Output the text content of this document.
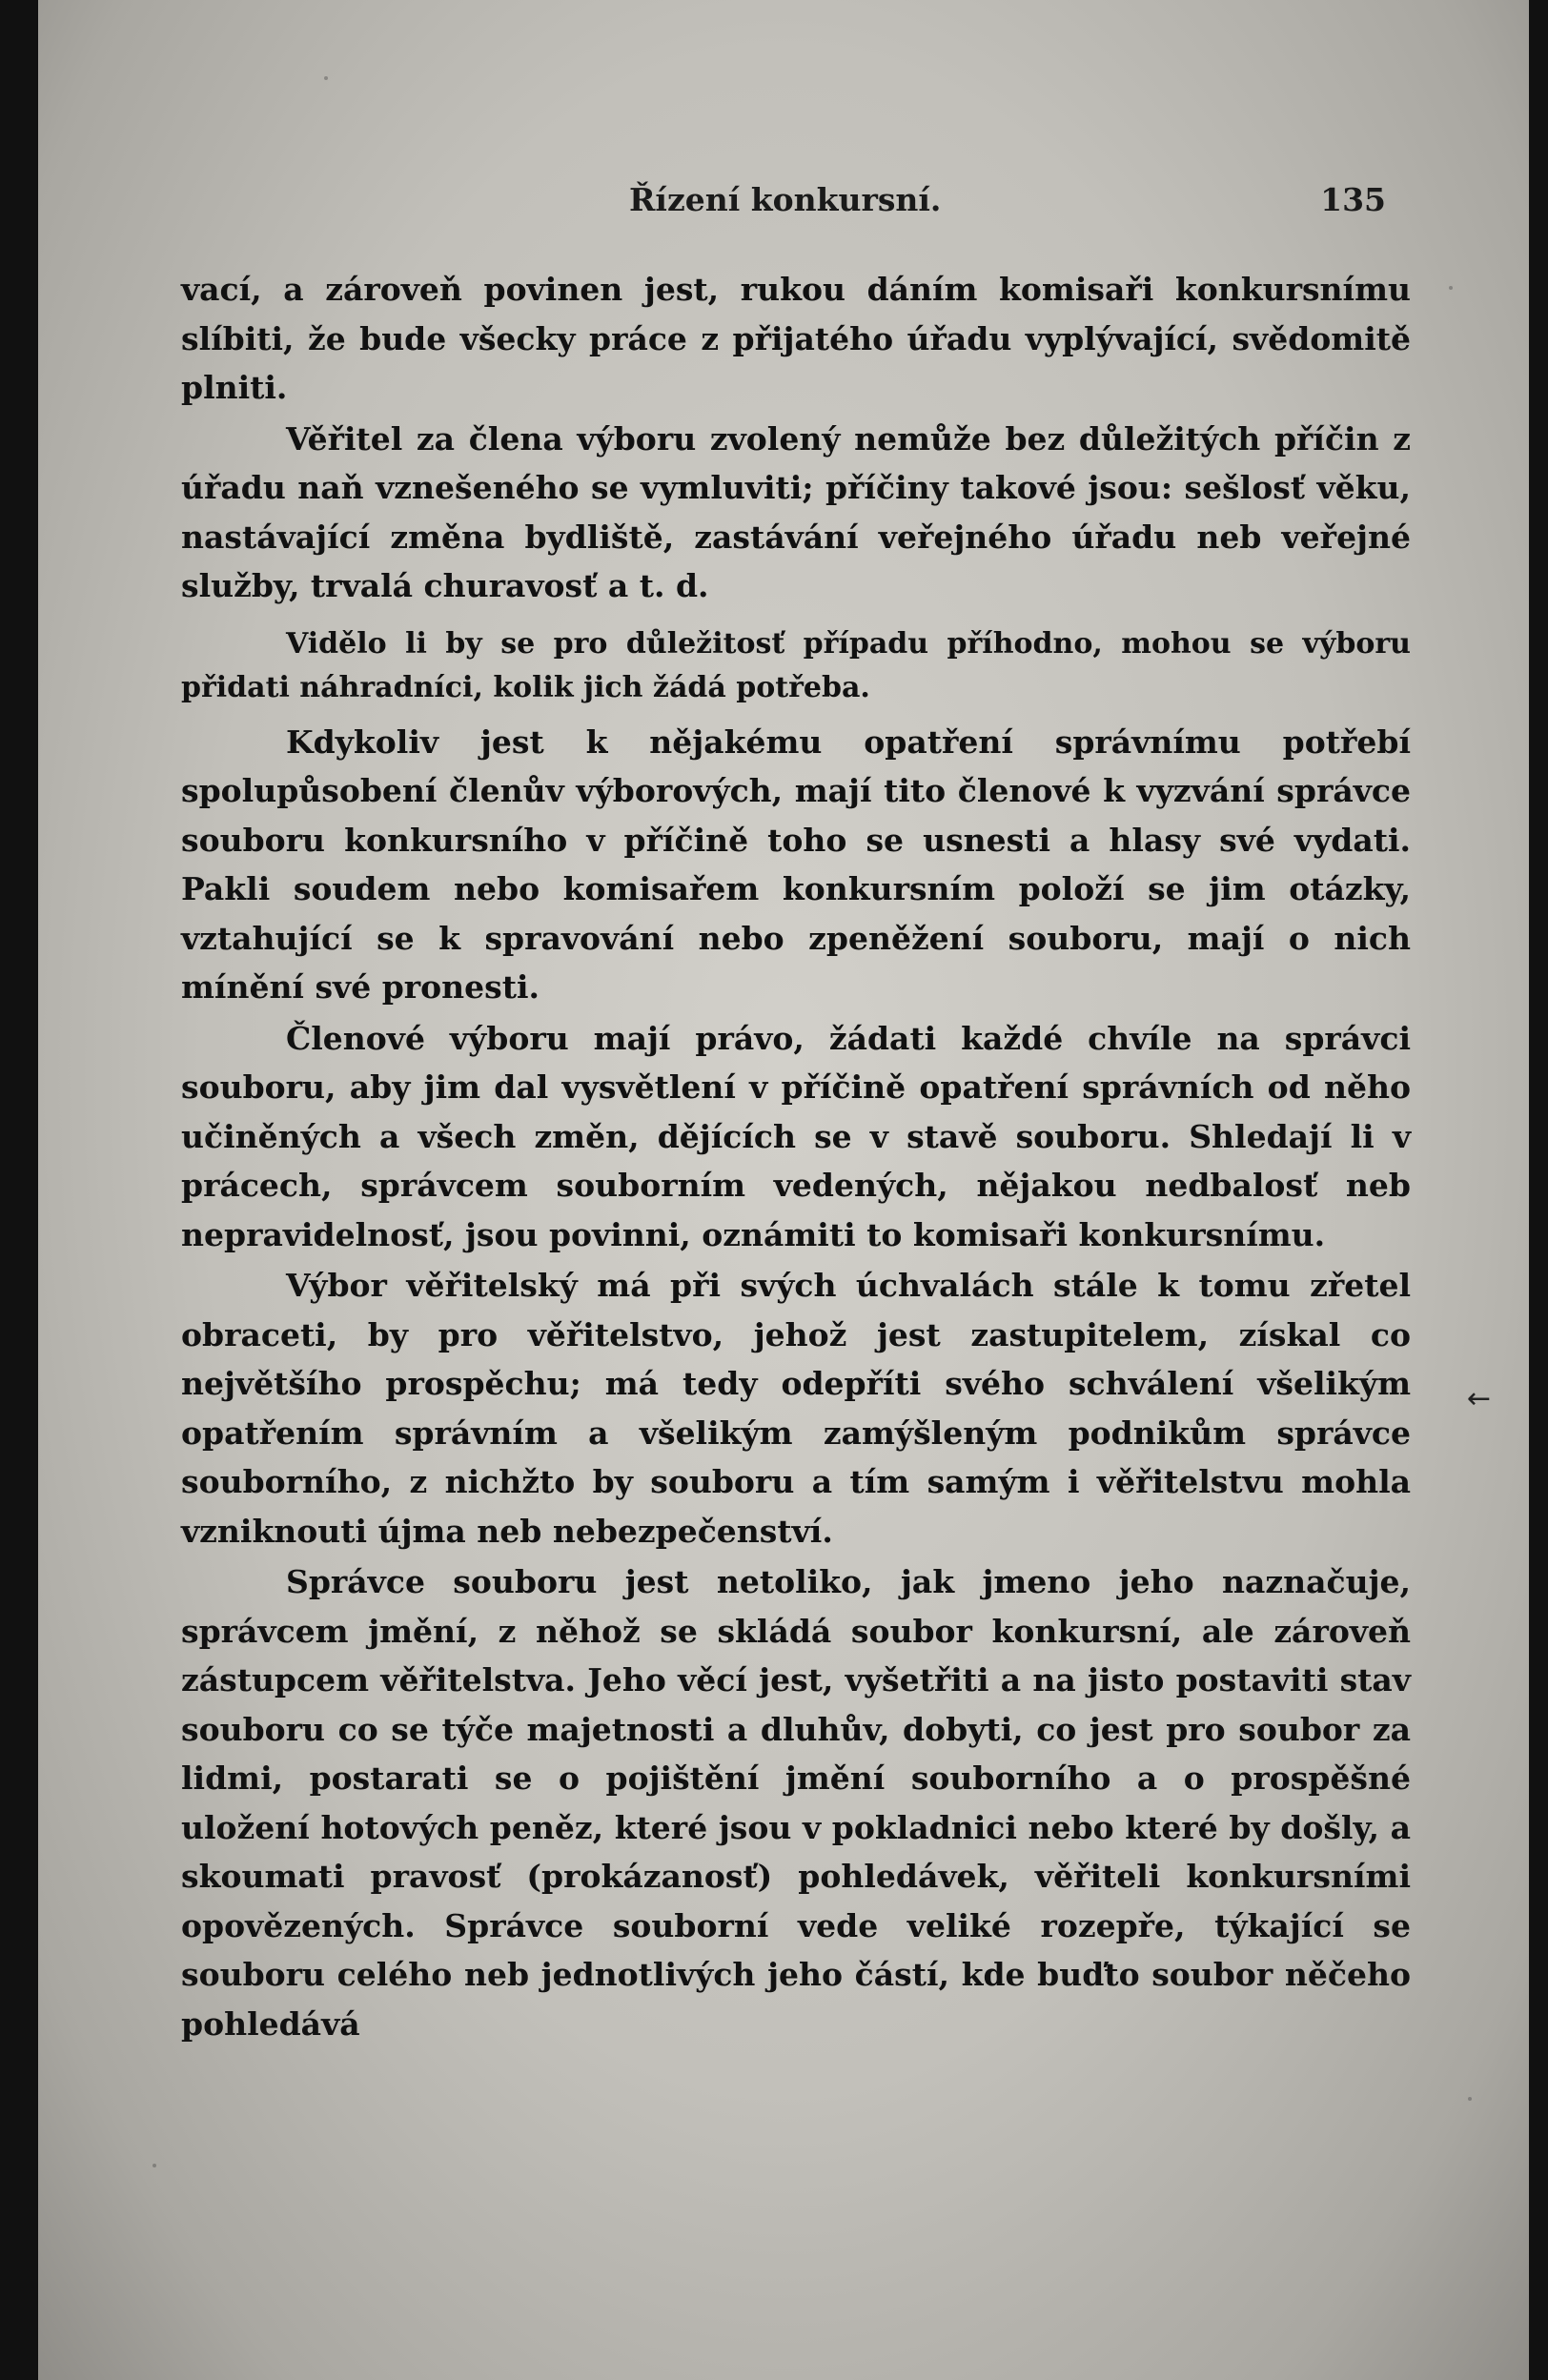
Řízení konkursní.	135

vací, a zároveň povinen jest, rukou dáním komisaři konkursnímu slíbiti, že bude všecky práce z přijatého úřadu vyplývající, svědomitě plniti.

Věřitel za člena výboru zvolený nemůže bez důležitých příčin z úřadu naň vznešeného se vymluviti; příčiny takové jsou: sešlosť věku, nastávající změna bydliště, zastávání veřejného úřadu neb veřejné služby, trvalá churavosť a t. d.

Vidělo li by se pro důležitosť případu příhodno, mohou se výboru přidati náhradníci, kolik jich žádá potřeba.

Kdykoliv jest k nějakému opatření správnímu potřebí spolupůsobení členův výborových, mají tito členové k vyzvání správce souboru konkursního v příčině toho se usnesti a hlasy své vydati. Pakli soudem nebo komisařem konkursním položí se jim otázky, vztahující se k spravování nebo zpeněžení souboru, mají o nich mínění své pronesti.

Členové výboru mají právo, žádati každé chvíle na správci souboru, aby jim dal vysvětlení v příčině opatření správních od něho učiněných a všech změn, dějících se v stavě souboru. Shledají li v prácech, správcem souborním vedených, nějakou nedbalosť neb nepravidelnosť, jsou povinni, oznámiti to komisaři konkursnímu.

Výbor věřitelský má při svých úchvalách stále k tomu zřetel obraceti, by pro věřitelstvo, jehož jest zastupitelem, získal co největšího prospěchu; má tedy odepříti svého schválení všelikým opatřením správním a všelikým zamýšleným podnikům správce souborního, z nichžto by souboru a tím samým i věřitelstvu mohla vzniknouti újma neb nebezpečenství.

Správce souboru jest netoliko, jak jmeno jeho naznačuje, správcem jmění, z něhož se skládá soubor konkursní, ale zároveň zástupcem věřitelstva. Jeho věcí jest, vyšetřiti a na jisto postaviti stav souboru co se týče majetnosti a dluhův, dobyti, co jest pro soubor za lidmi, postarati se o pojištění jmění souborního a o prospěšné uložení hotových peněz, které jsou v pokladnici nebo které by došly, a skoumati pravosť (prokázanosť) pohledávek, věřiteli konkursními opovězených. Správce souborní vede veliké rozepře, týkající se souboru celého neb jednotlivých jeho částí, kde buďto soubor něčeho pohledává

←
